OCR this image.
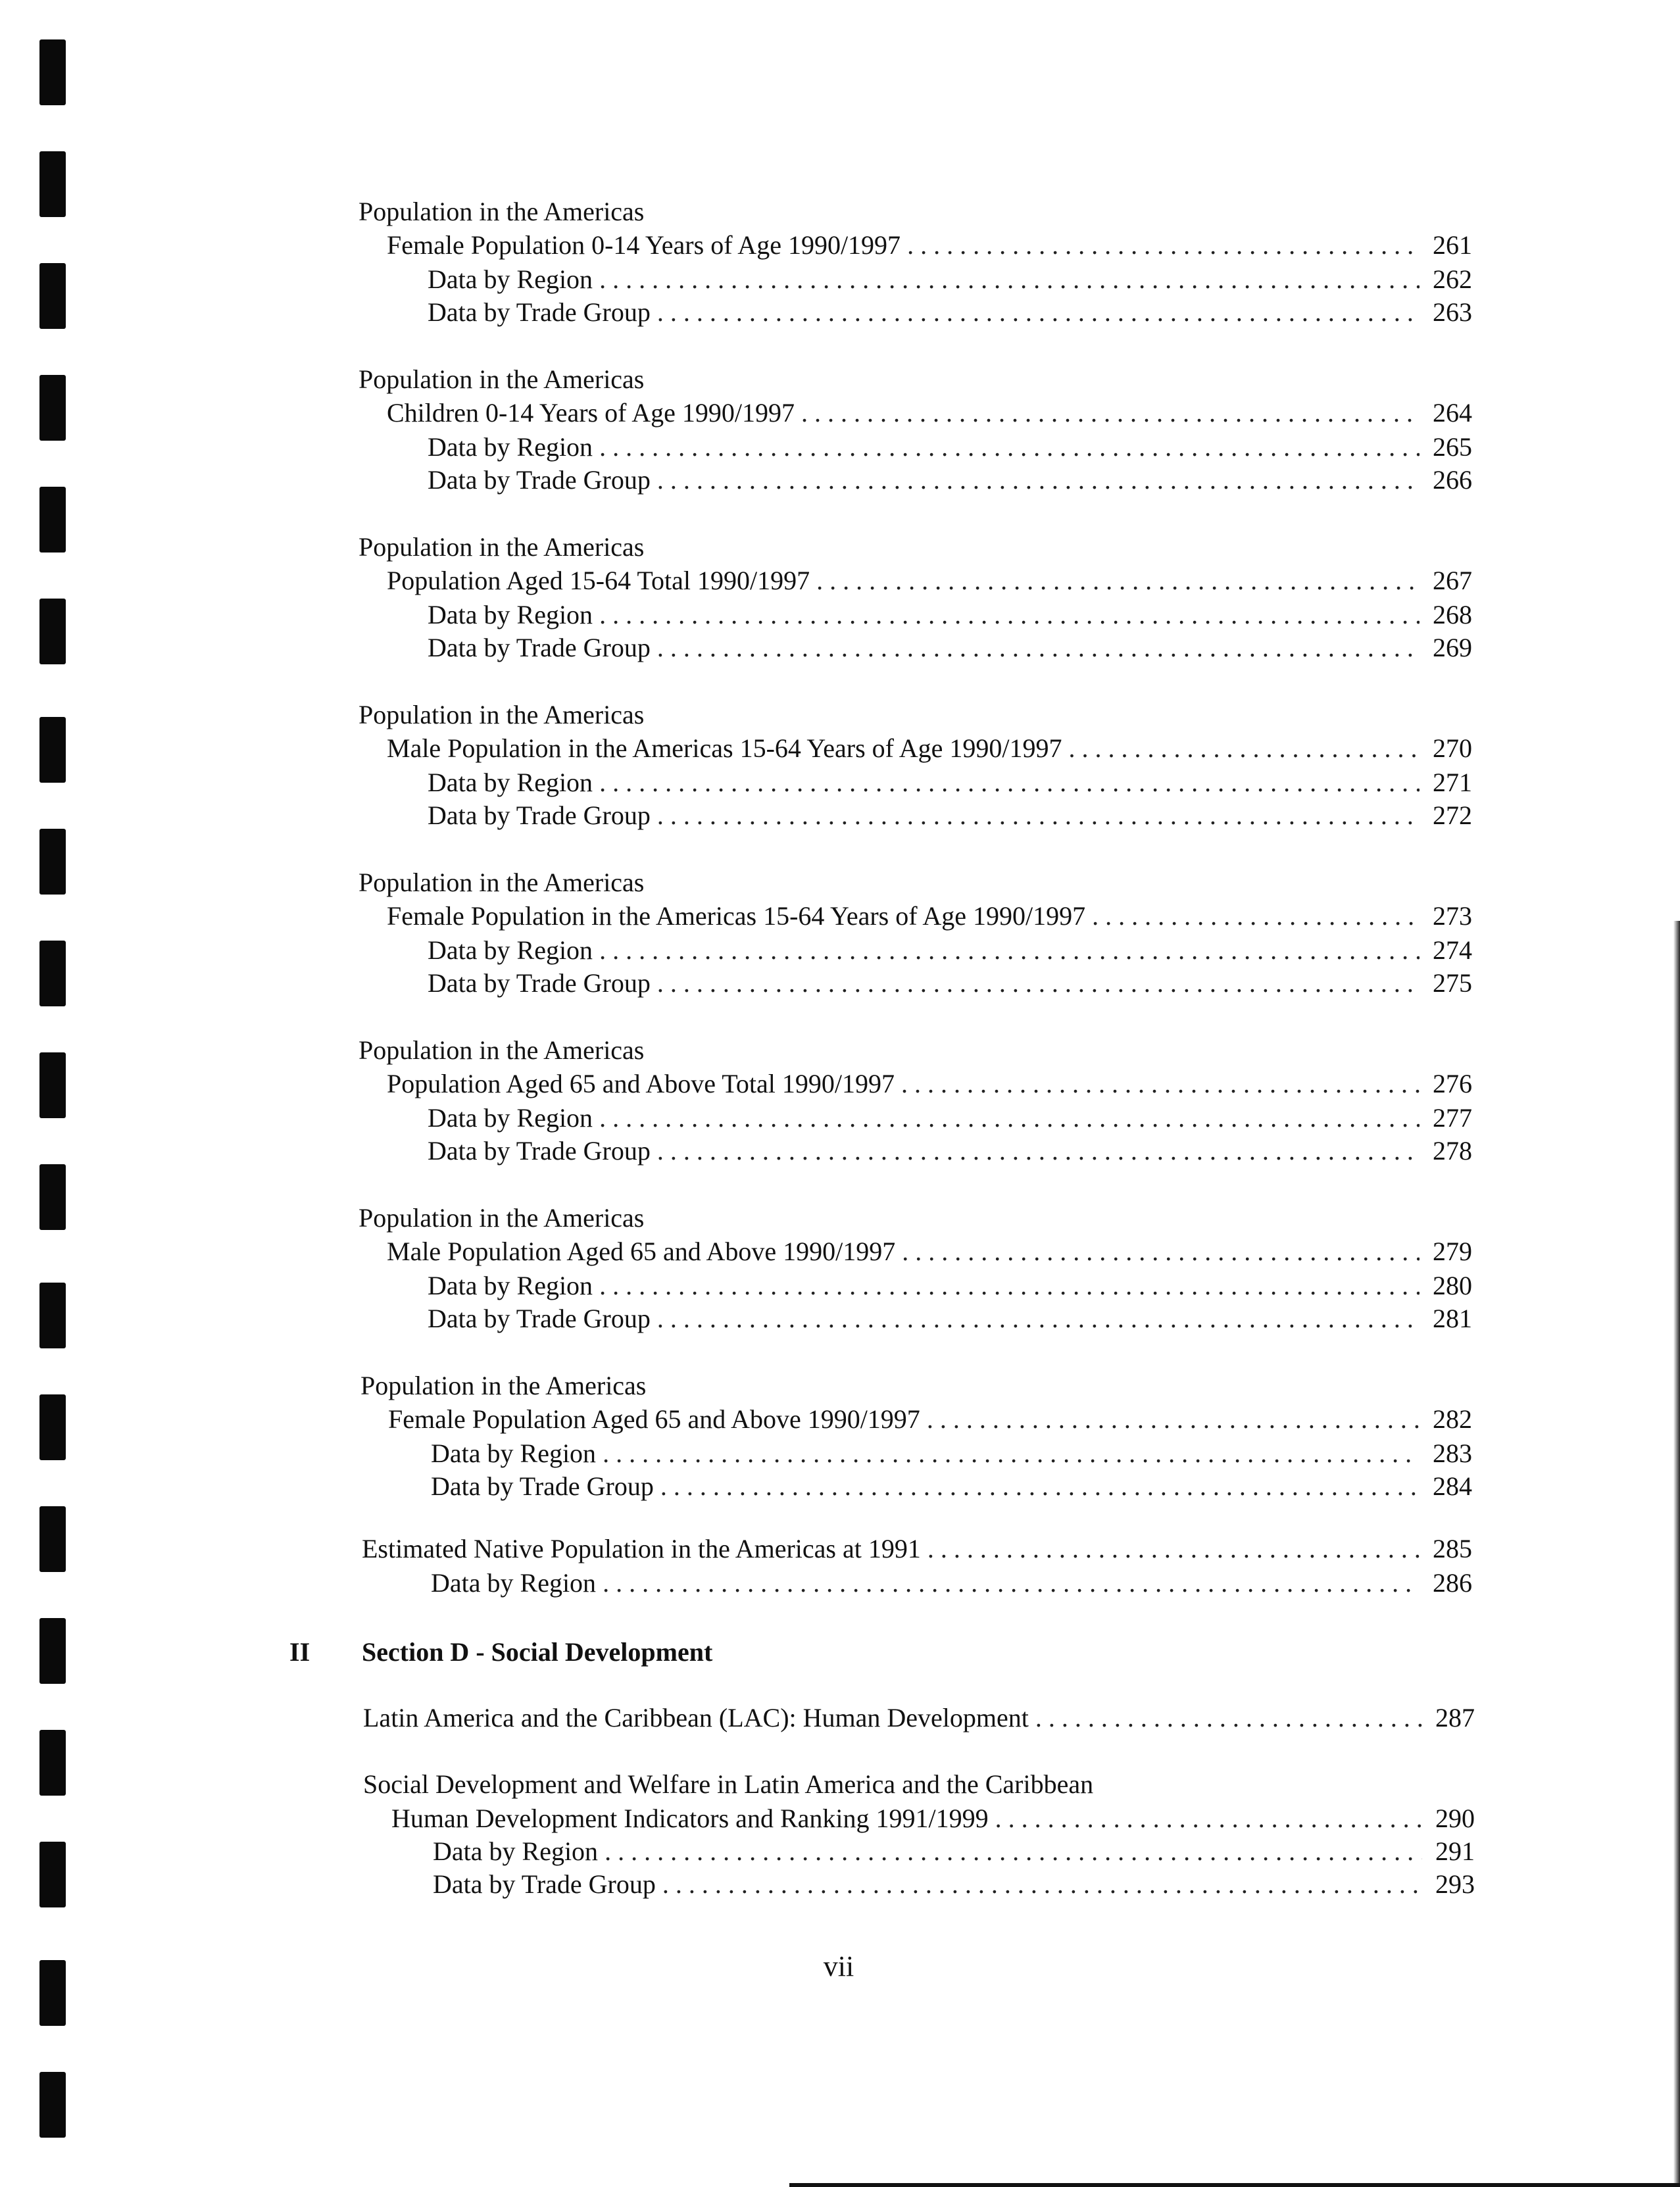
Population in the Americas
Female Population 0-14 Years of Age 1990/1997 . . .	261
Data by Region . . .	262
Data by Trade Group . . .	263
Population in the Americas
Children 0-14 Years of Age 1990/1997 . . .	264
Data by Region . . .	265
Data by Trade Group . . .	266
Population in the Americas
Population Aged 15-64 Total 1990/1997 . . .	267
Data by Region . . .	268
Data by Trade Group . . .	269
Population in the Americas
Male Population in the Americas 15-64 Years of Age 1990/1997 . . .	270
Data by Region . . .	271
Data by Trade Group . . .	272
Population in the Americas
Female Population in the Americas 15-64 Years of Age 1990/1997 . . .	273
Data by Region . . .	274
Data by Trade Group . . .	275
Population in the Americas
Population Aged 65 and Above Total 1990/1997 . . .	276
Data by Region . . .	277
Data by Trade Group . . .	278
Population in the Americas
Male Population Aged 65 and Above 1990/1997 . . .	279
Data by Region . . .	280
Data by Trade Group . . .	281
Population in the Americas
Female Population Aged 65 and Above 1990/1997 . . .	282
Data by Region . . .	283
Data by Trade Group . . .	284
Estimated Native Population in the Americas at 1991 . . .	285
Data by Region . . .	286
II Section D - Social Development
Latin America and the Caribbean (LAC): Human Development . . .	287
Social Development and Welfare in Latin America and the Caribbean
Human Development Indicators and Ranking 1991/1999 . . .	290
Data by Region . . .	291
Data by Trade Group . . .	293
vii
